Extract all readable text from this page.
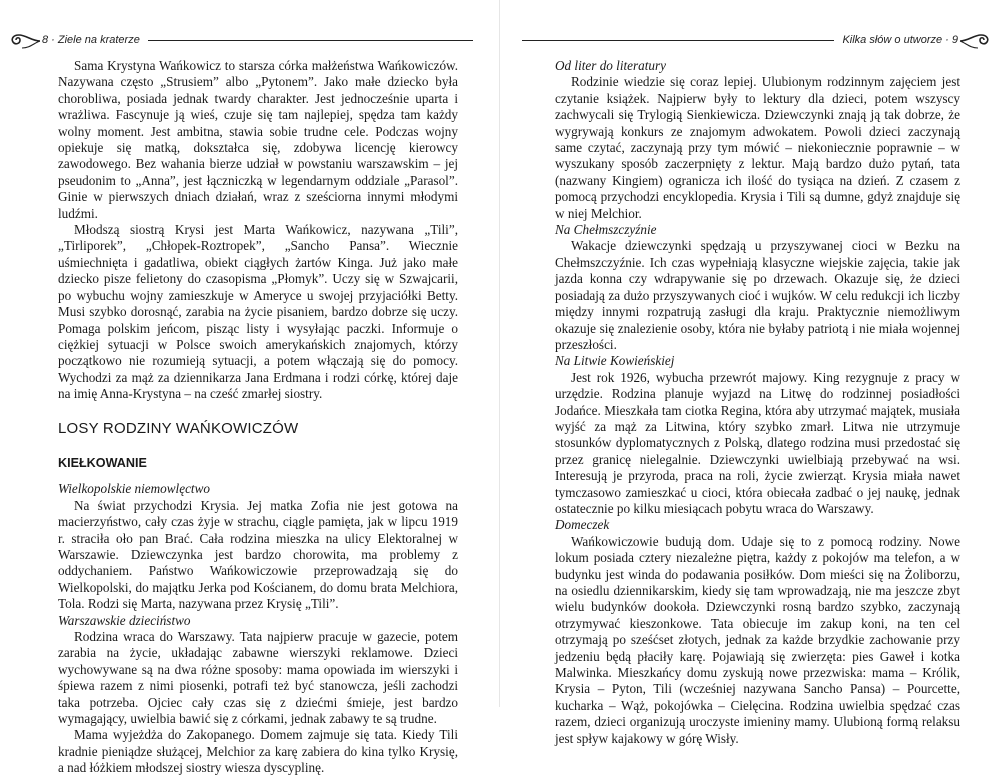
8 · Ziele na kraterze

Sama Krystyna Wańkowicz to starsza córka małżeństwa Wańkowiczów. Nazywana często „Strusiem” albo „Pytonem”. Jako małe dziecko była chorobliwa, posiada jednak twardy charakter. Jest jednocześnie uparta i wrażliwa. Fascynuje ją wieś, czuje się tam najlepiej, spędza tam każdy wolny moment. Jest ambitna, stawia sobie trudne cele. Podczas wojny opiekuje się matką, dokształca się, zdobywa licencję kierowcy zawodowego. Bez wahania bierze udział w powstaniu warszawskim – jej pseudonim to „Anna”, jest łączniczką w legendarnym oddziale „Parasol”. Ginie w pierwszych dniach działań, wraz z sześciorna innymi młodymi ludźmi.

Młodszą siostrą Krysi jest Marta Wańkowicz, nazywana „Tili”, „Tirliporek”, „Chłopek-Roztropek”, „Sancho Pansa”. Wiecznie uśmiechnięta i gadatliwa, obiekt ciągłych żartów Kinga. Już jako małe dziecko pisze felietony do czasopisma „Płomyk”. Uczy się w Szwajcarii, po wybuchu wojny zamieszkuje w Ameryce u swojej przyjaciółki Betty. Musi szybko dorosnąć, zarabia na życie pisaniem, bardzo dobrze się uczy. Pomaga polskim jeńcom, pisząc listy i wysyłając paczki. Informuje o ciężkiej sytuacji w Polsce swoich amerykańskich znajomych, którzy początkowo nie rozumieją sytuacji, a potem włączają się do pomocy. Wychodzi za mąż za dziennikarza Jana Erdmana i rodzi córkę, której daje na imię Anna-Krystyna – na cześć zmarłej siostry.

LOSY RODZINY WAŃKOWICZÓW
KIEŁKOWANIE

Wielkopolskie niemowlęctwo

Na świat przychodzi Krysia. Jej matka Zofia nie jest gotowa na macierzyństwo, cały czas żyje w strachu, ciągle pamięta, jak w lipcu 1919 r. straciła oło pan Brać. Cała rodzina mieszka na ulicy Elektoralnej w Warszawie. Dziewczynka jest bardzo chorowita, ma problemy z oddychaniem. Państwo Wańkowiczowie przeprowadzają się do Wielkopolski, do majątku Jerka pod Kościanem, do domu brata Melchiora, Tola. Rodzi się Marta, nazywana przez Krysię „Tili”.

Warszawskie dzieciństwo

Rodzina wraca do Warszawy. Tata najpierw pracuje w gazecie, potem zarabia na życie, układając zabawne wierszyki reklamowe. Dzieci wychowywane są na dwa różne sposoby: mama opowiada im wierszyki i śpiewa razem z nimi piosenki, potrafi też być stanowcza, jeśli zachodzi taka potrzeba. Ojciec cały czas się z dziećmi śmieje, jest bardzo wymagający, uwielbia bawić się z córkami, jednak zabawy te są trudne.

Mama wyjeżdża do Zakopanego. Domem zajmuje się tata. Kiedy Tili kradnie pieniądze służącej, Melchior za karę zabiera do kina tylko Krysię, a nad łóżkiem młodszej siostry wiesza dyscyplinę.

Kilka słów o utworze · 9

Od liter do literatury

Rodzinie wiedzie się coraz lepiej. Ulubionym rodzinnym zajęciem jest czytanie książek. Najpierw były to lektury dla dzieci, potem wszyscy zachwycali się Trylogią Sienkiewicza. Dziewczynki znają ją tak dobrze, że wygrywają konkurs ze znajomym adwokatem. Powoli dzieci zaczynają same czytać, zaczynają przy tym mówić – niekoniecznie poprawnie – w wyszukany sposób zaczerpnięty z lektur. Mają bardzo dużo pytań, tata (nazwany Kingiem) ogranicza ich ilość do tysiąca na dzień. Z czasem z pomocą przychodzi encyklopedia. Krysia i Tili są dumne, gdyż znajduje się w niej Melchior.

Na Chełmszczyźnie

Wakacje dziewczynki spędzają u przyszywanej cioci w Bezku na Chełmszczyźnie. Ich czas wypełniają klasyczne wiejskie zajęcia, takie jak jazda konna czy wdrapywanie się po drzewach. Okazuje się, że dzieci posiadają za dużo przyszywanych cioć i wujków. W celu redukcji ich liczby między innymi rozpatrują zasługi dla kraju. Praktycznie niemożliwym okazuje się znalezienie osoby, która nie byłaby patriotą i nie miała wojennej przeszłości.

Na Litwie Kowieńskiej

Jest rok 1926, wybucha przewrót majowy. King rezygnuje z pracy w urzędzie. Rodzina planuje wyjazd na Litwę do rodzinnej posiadłości Jodańce. Mieszkała tam ciotka Regina, która aby utrzymać majątek, musiała wyjść za mąż za Litwina, który szybko zmarł. Litwa nie utrzymuje stosunków dyplomatycznych z Polską, dlatego rodzina musi przedostać się przez granicę nielegalnie. Dziewczynki uwielbiają przebywać na wsi. Interesują je przyroda, praca na roli, życie zwierząt. Krysia miała nawet tymczasowo zamieszkać u cioci, która obiecała zadbać o jej naukę, jednak ostatecznie po kilku miesiącach pobytu wraca do Warszawy.

Domeczek

Wańkowiczowie budują dom. Udaje się to z pomocą rodziny. Nowe lokum posiada cztery niezależne piętra, każdy z pokojów ma telefon, a w budynku jest winda do podawania posiłków. Dom mieści się na Żoliborzu, na osiedlu dziennikarskim, kiedy się tam wprowadzają, nie ma jeszcze zbyt wielu budynków dookoła. Dziewczynki rosną bardzo szybko, zaczynają otrzymywać kieszonkowe. Tata obiecuje im zakup koni, na ten cel otrzymają po sześćset złotych, jednak za każde brzydkie zachowanie przy jedzeniu będą płaciły karę. Pojawiają się zwierzęta: pies Gaweł i kotka Malwinka. Mieszkańcy domu zyskują nowe przezwiska: mama – Królik, Krysia – Pyton, Tili (wcześniej nazywana Sancho Pansa) – Pourcette, kucharka – Wąż, pokojówka – Cielęcina. Rodzina uwielbia spędzać czas razem, dzieci organizują uroczyste imieniny mamy. Ulubioną formą relaksu jest spływ kajakowy w górę Wisły.
